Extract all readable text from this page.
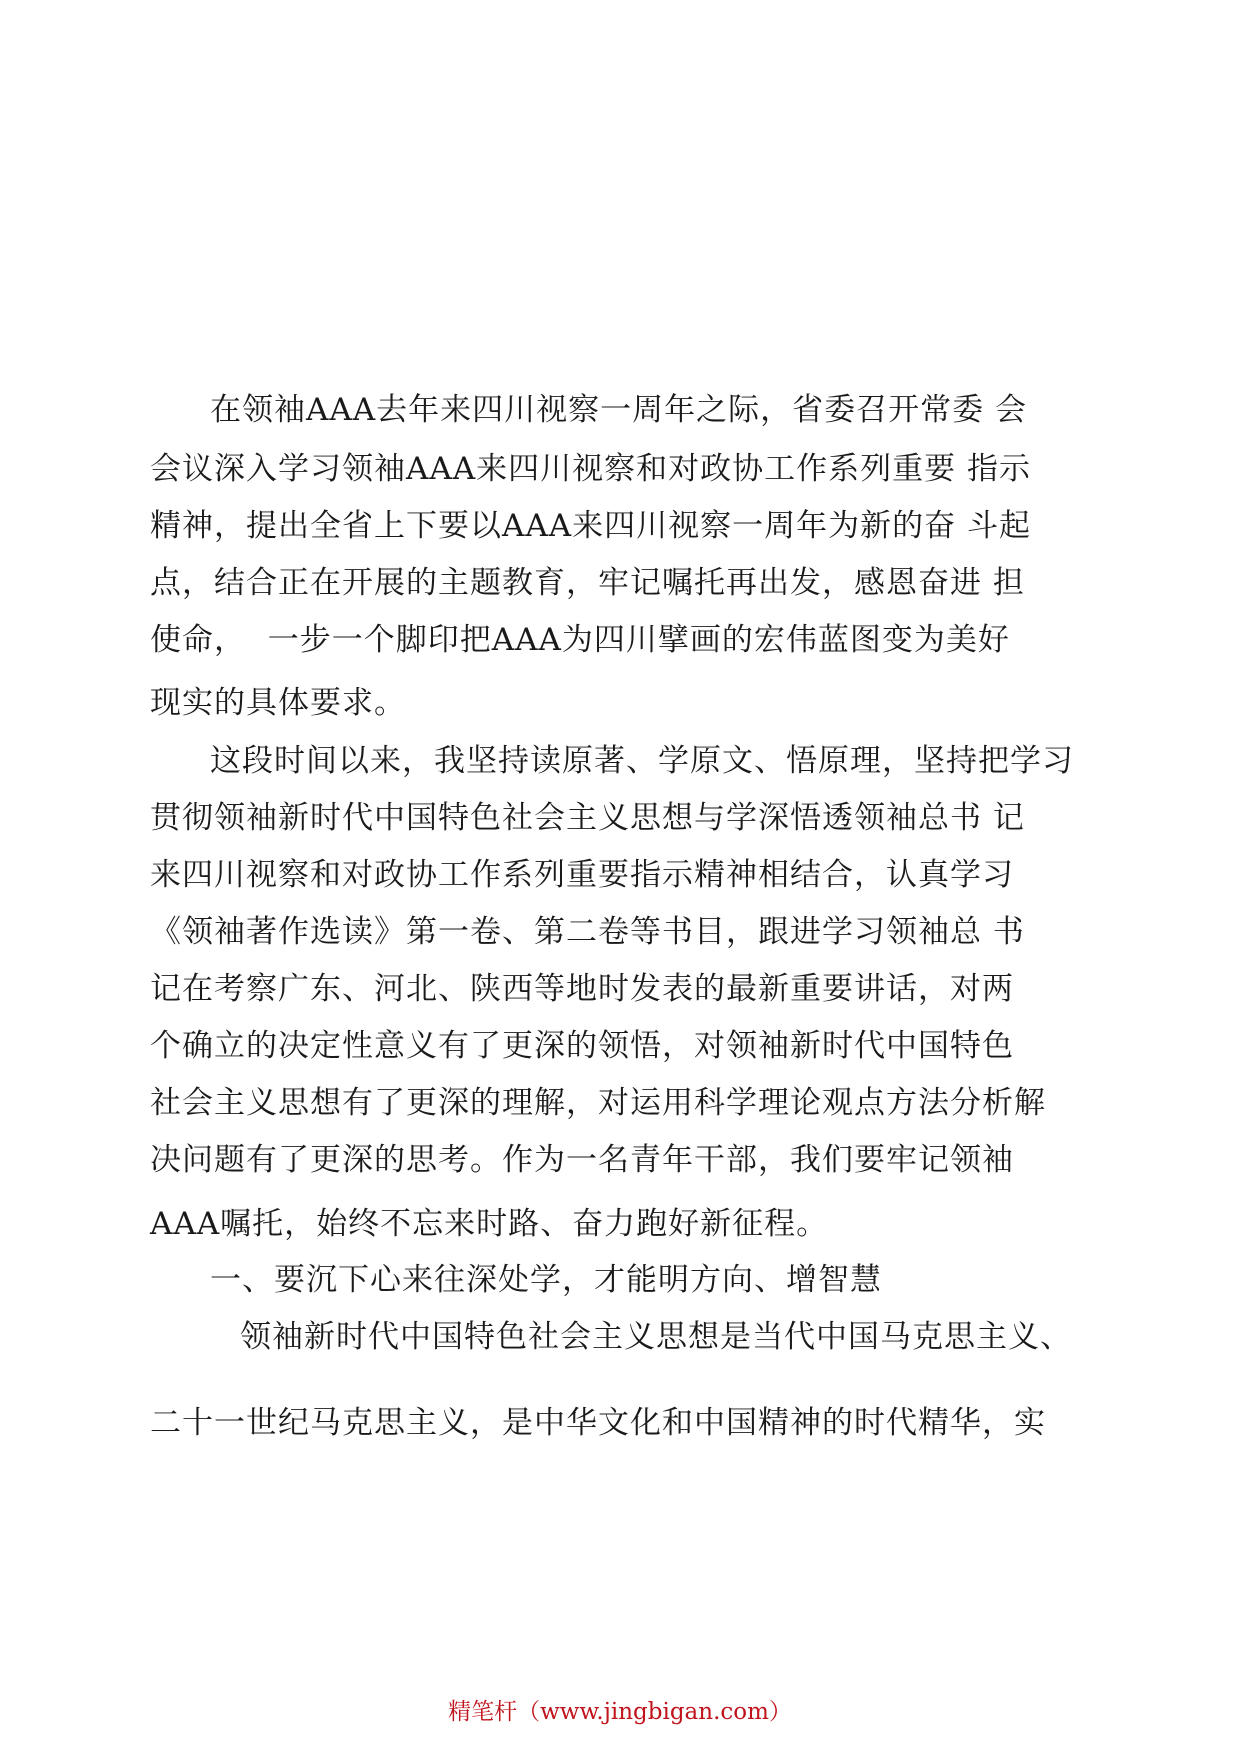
在领袖AAA去年来四川视察一周年之际，省委召开常委 会

会议深入学习领袖AAA来四川视察和对政协工作系列重要 指示

精神，提出全省上下要以AAA来四川视察一周年为新的奋 斗起

点，结合正在开展的主题教育，牢记嘱托再出发，感恩奋进 担

使命，  一步一个脚印把AAA为四川擘画的宏伟蓝图变为美好

现实的具体要求。

这段时间以来，我坚持读原著、学原文、悟原理，坚持把学习

贯彻领袖新时代中国特色社会主义思想与学深悟透领袖总书 记

来四川视察和对政协工作系列重要指示精神相结合，认真学习

《领袖著作选读》第一卷、第二卷等书目，跟进学习领袖总 书

记在考察广东、河北、陕西等地时发表的最新重要讲话，对两

个确立的决定性意义有了更深的领悟，对领袖新时代中国特色

社会主义思想有了更深的理解，对运用科学理论观点方法分析解

决问题有了更深的思考。作为一名青年干部，我们要牢记领袖

AAA嘱托，始终不忘来时路、奋力跑好新征程。

一、要沉下心来往深处学，才能明方向、增智慧

领袖新时代中国特色社会主义思想是当代中国马克思主义、

二十一世纪马克思主义，是中华文化和中国精神的时代精华，实

精笔杆（www.jingbigan.com）
